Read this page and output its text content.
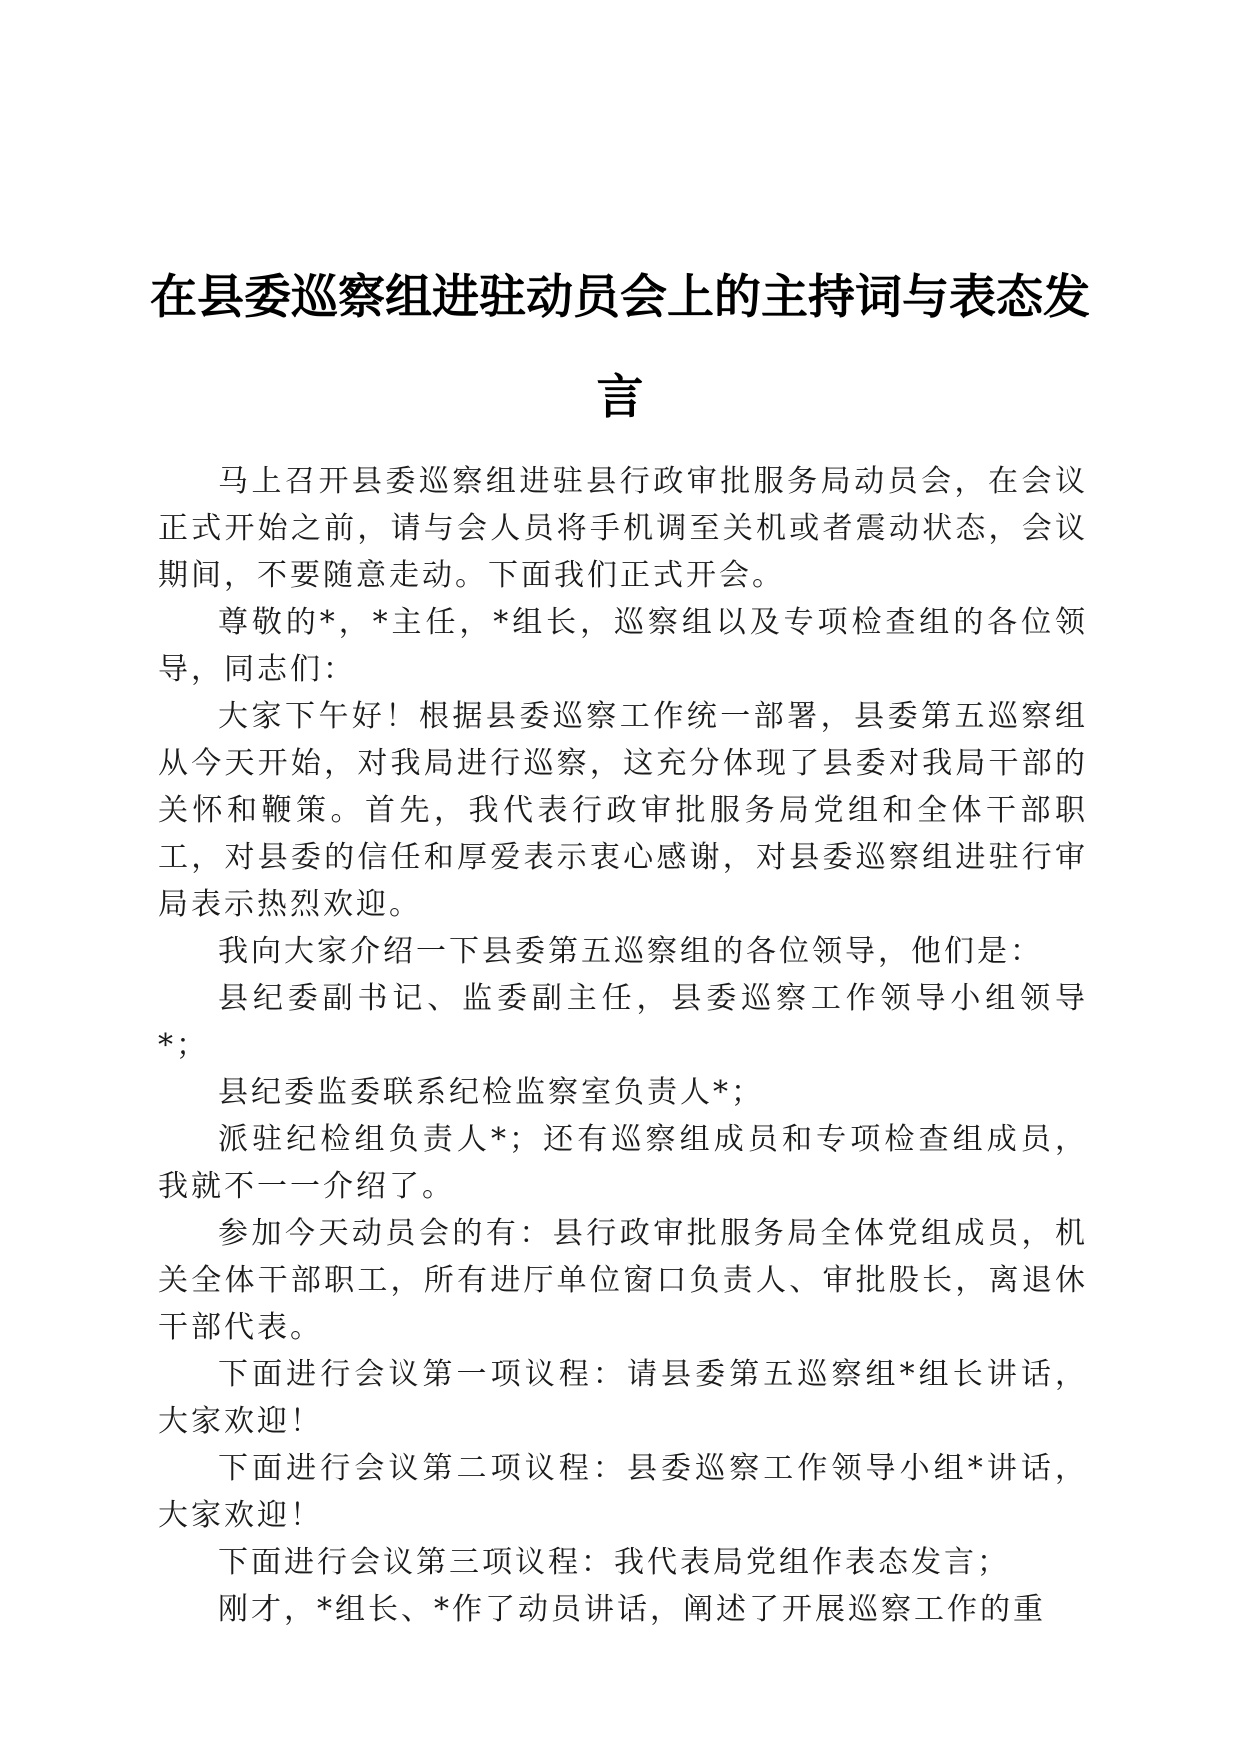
在县委巡察组进驻动员会上的主持词与表态发言

马上召开县委巡察组进驻县行政审批服务局动员会，在会议正式开始之前，请与会人员将手机调至关机或者震动状态，会议期间，不要随意走动。下面我们正式开会。

尊敬的*，*主任，*组长，巡察组以及专项检查组的各位领导，同志们：

大家下午好！根据县委巡察工作统一部署，县委第五巡察组从今天开始，对我局进行巡察，这充分体现了县委对我局干部的关怀和鞭策。首先，我代表行政审批服务局党组和全体干部职工，对县委的信任和厚爱表示衷心感谢，对县委巡察组进驻行审局表示热烈欢迎。

我向大家介绍一下县委第五巡察组的各位领导，他们是：

县纪委副书记、监委副主任，县委巡察工作领导小组领导*；

县纪委监委联系纪检监察室负责人*；

派驻纪检组负责人*；还有巡察组成员和专项检查组成员，我就不一一介绍了。

参加今天动员会的有：县行政审批服务局全体党组成员，机关全体干部职工，所有进厅单位窗口负责人、审批股长，离退休干部代表。

下面进行会议第一项议程：请县委第五巡察组*组长讲话，大家欢迎！

下面进行会议第二项议程：县委巡察工作领导小组*讲话，大家欢迎！

下面进行会议第三项议程：我代表局党组作表态发言；

刚才，*组长、*作了动员讲话，阐述了开展巡察工作的重
